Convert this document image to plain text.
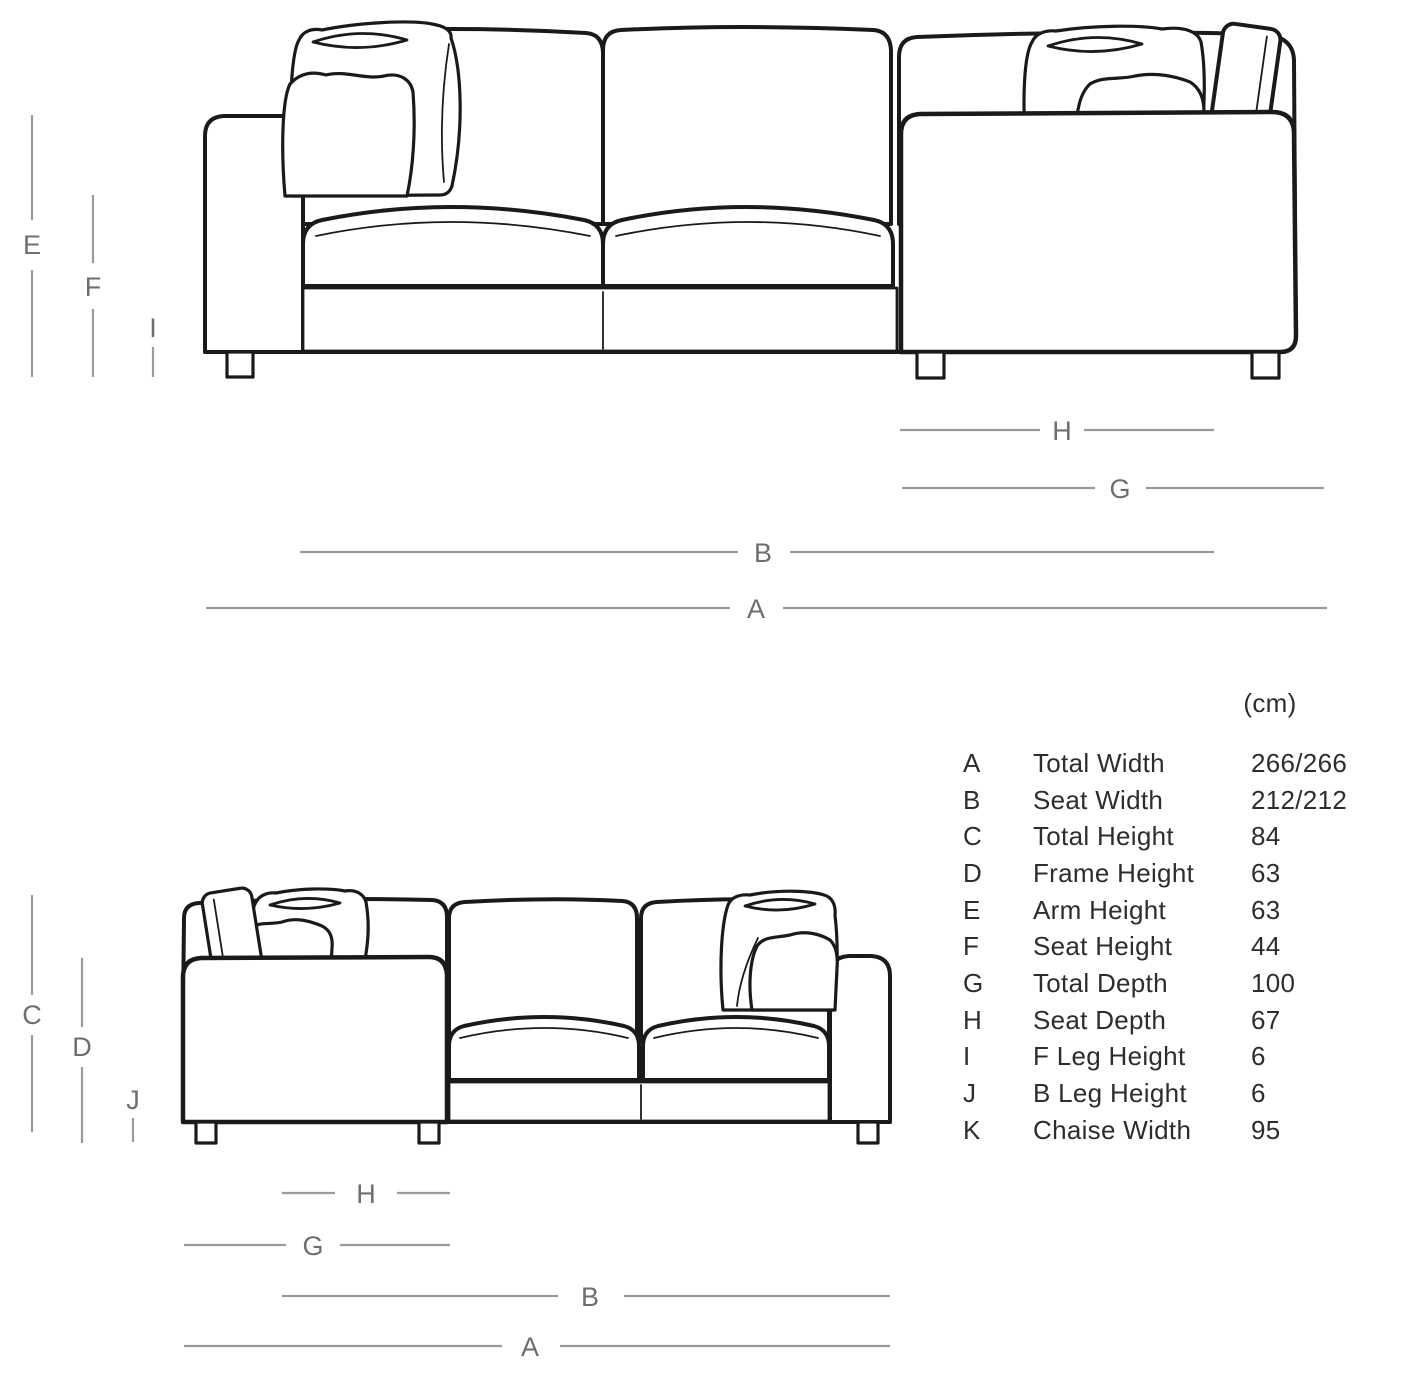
E
F
I
H
G
B
A
C
D
J
H
G
B
A
(cm)
A	Total Width	266/266
B	Seat Width	212/212
C	Total Height	84
D	Frame Height	63
E	Arm Height	63
F	Seat Height	44
G	Total Depth	100
H	Seat Depth	67
I	F Leg Height	6
J	B Leg Height	6
K	Chaise Width	95
